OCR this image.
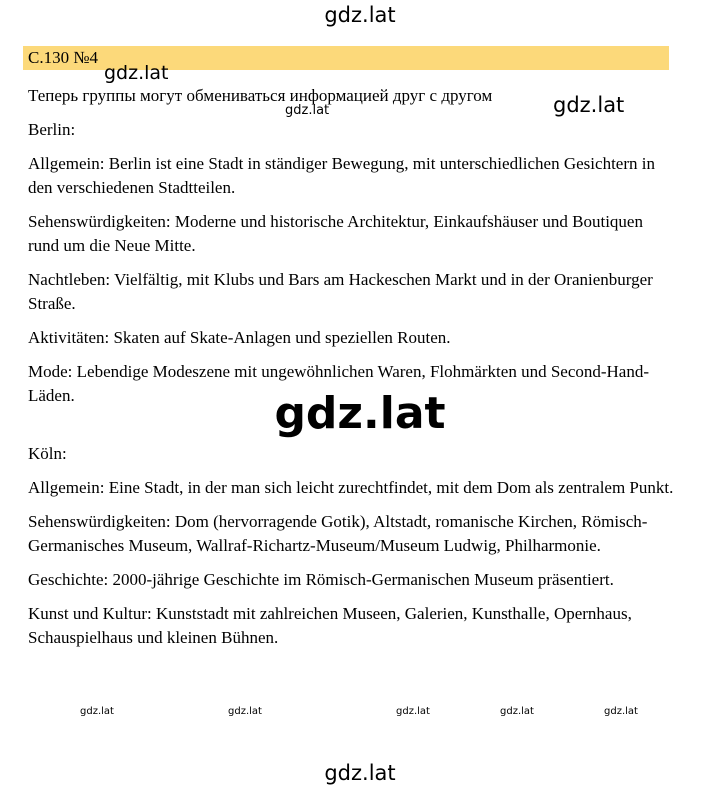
С.130 №4

Теперь группы могут обмениваться информацией друг с другом

Berlin:

Allgemein: Berlin ist eine Stadt in ständiger Bewegung, mit unterschiedlichen Gesichtern in den verschiedenen Stadtteilen.

Sehenswürdigkeiten: Moderne und historische Architektur, Einkaufshäuser und Boutiquen rund um die Neue Mitte.

Nachtleben: Vielfältig, mit Klubs und Bars am Hackeschen Markt und in der Oranienburger Straße.

Aktivitäten: Skaten auf Skate-Anlagen und speziellen Routen.

Mode: Lebendige Modeszene mit ungewöhnlichen Waren, Flohmärkten und Second-Hand-Läden.

Köln:

Allgemein: Eine Stadt, in der man sich leicht zurechtfindet, mit dem Dom als zentralem Punkt.

Sehenswürdigkeiten: Dom (hervorragende Gotik), Altstadt, romanische Kirchen, Römisch-Germanisches Museum, Wallraf-Richartz-Museum/Museum Ludwig, Philharmonie.

Geschichte: 2000-jährige Geschichte im Römisch-Germanischen Museum präsentiert.

Kunst und Kultur: Kunststadt mit zahlreichen Museen, Galerien, Kunsthalle, Opernhaus, Schauspielhaus und kleinen Bühnen.

gdz.lat
gdz.lat
gdz.lat	gdz.lat
gdz.lat
gdz.lat	gdz.lat	gdz.lat	gdz.lat	gdz.lat
gdz.lat
